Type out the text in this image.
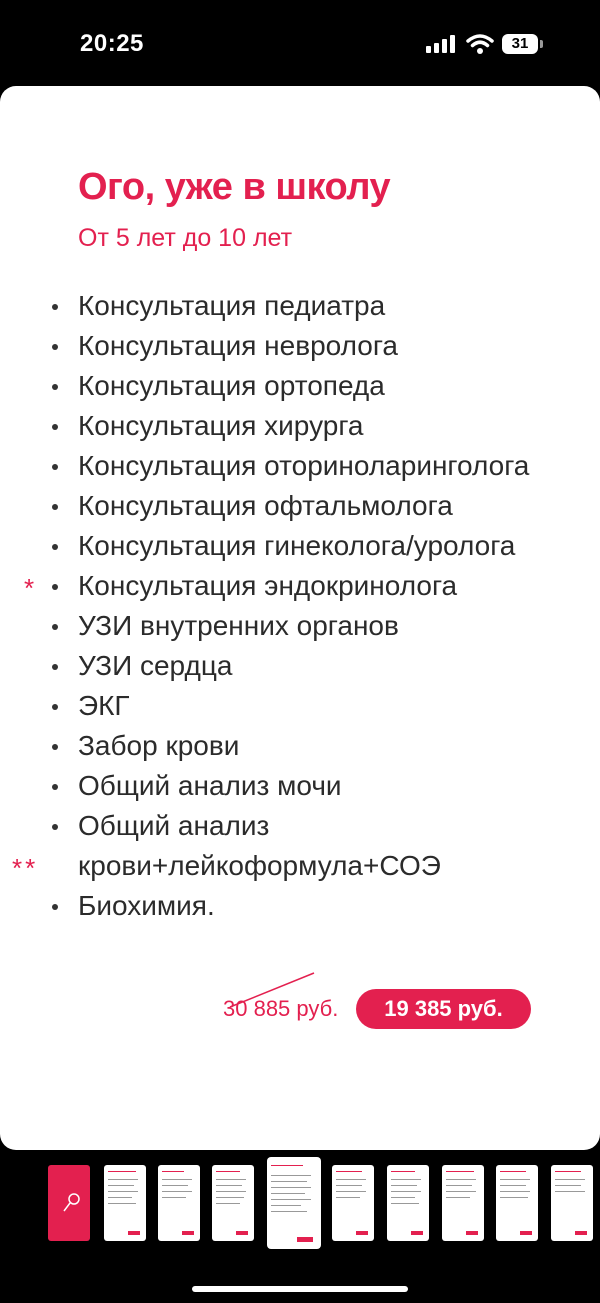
20:25	31
Ого, уже в школу
От 5 лет до 10 лет
Консультация педиатра
Консультация невролога
Консультация ортопеда
Консультация хирурга
Консультация оториноларинголога
Консультация офтальмолога
Консультация гинеколога/уролога
* Консультация эндокринолога
УЗИ внутренних органов
УЗИ сердца
ЭКГ
Забор крови
Общий анализ мочи
Общий анализ
** крови+лейкоформула+СОЭ
Биохимия.
30 885 руб.	19 385 руб.
